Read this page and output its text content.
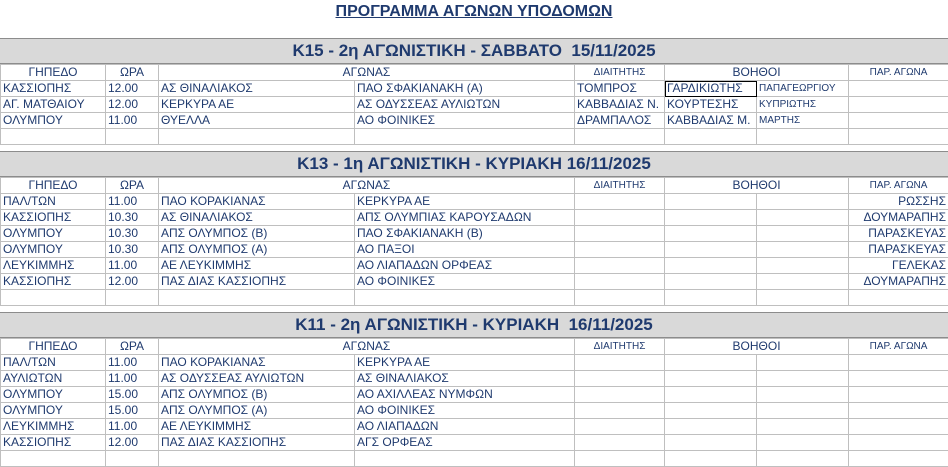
ΠΡΟΓΡΑΜΜΑ ΑΓΩΝΩΝ ΥΠΟΔΟΜΩΝ
K15 - 2η ΑΓΩΝΙΣΤΙΚΗ - ΣΑΒΒΑΤΟ  15/11/2025
ΓΗΠΕΔΟ	ΩΡΑ	ΑΓΩΝΑΣ		ΔΙΑΙΤΗΤΗΣ	ΒΟΗΘΟΙ		ΠΑΡ. ΑΓΩΝΑ
ΚΑΣΣΙΟΠΗΣ	12.00	ΑΣ ΘΙΝΑΛΙΑΚΟΣ	ΠΑΟ ΣΦΑΚΙΑΝΑΚΗ (Α)	ΤΟΜΠΡΟΣ	ΓΑΡΔΙΚΙΩΤΗΣ	ΠΑΠΑΓΕΩΡΓΙΟΥ	
ΑΓ. ΜΑΤΘΑΙΟΥ	12.00	ΚΕΡΚΥΡΑ ΑΕ	ΑΣ ΟΔΥΣΣΕΑΣ ΑΥΛΙΩΤΩΝ	ΚΑΒΒΑΔΙΑΣ Ν.	ΚΟΥΡΤΕΣΗΣ	ΚΥΠΡΙΩΤΗΣ	
ΟΛΥΜΠΟΥ	11.00	ΘΥΕΛΛΑ	ΑΟ ΦΟΙΝΙΚΕΣ	ΔΡΑΜΠΑΛΟΣ	ΚΑΒΒΑΔΙΑΣ Μ.	ΜΑΡΤΗΣ	

K13 - 1η ΑΓΩΝΙΣΤΙΚΗ - ΚΥΡΙΑΚΗ 16/11/2025
ΓΗΠΕΔΟ	ΩΡΑ	ΑΓΩΝΑΣ		ΔΙΑΙΤΗΤΗΣ	ΒΟΗΘΟΙ		ΠΑΡ. ΑΓΩΝΑ
ΠΑΛ/ΤΩΝ	11.00	ΠΑΟ ΚΟΡΑΚΙΑΝΑΣ	ΚΕΡΚΥΡΑ ΑΕ				ΡΩΣΣΗΣ
ΚΑΣΣΙΟΠΗΣ	10.30	ΑΣ ΘΙΝΑΛΙΑΚΟΣ	ΑΠΣ ΟΛΥΜΠΙΑΣ ΚΑΡΟΥΣΑΔΩΝ				ΔΟΥΜΑΡΑΠΗΣ
ΟΛΥΜΠΟΥ	10.30	ΑΠΣ ΟΛΥΜΠΟΣ (Β)	ΠΑΟ ΣΦΑΚΙΑΝΑΚΗ (Β)				ΠΑΡΑΣΚΕΥΑΣ
ΟΛΥΜΠΟΥ	10.30	ΑΠΣ ΟΛΥΜΠΟΣ (Α)	ΑΟ ΠΑΞΟΙ				ΠΑΡΑΣΚΕΥΑΣ
ΛΕΥΚΙΜΜΗΣ	11.00	ΑΕ ΛΕΥΚΙΜΜΗΣ	ΑΟ ΛΙΑΠΑΔΩΝ ΟΡΦΕΑΣ				ΓΕΛΕΚΑΣ
ΚΑΣΣΙΟΠΗΣ	12.00	ΠΑΣ ΔΙΑΣ ΚΑΣΣΙΟΠΗΣ	ΑΟ ΦΟΙΝΙΚΕΣ				ΔΟΥΜΑΡΑΠΗΣ

K11 - 2η ΑΓΩΝΙΣΤΙΚΗ - ΚΥΡΙΑΚΗ  16/11/2025
ΓΗΠΕΔΟ	ΩΡΑ	ΑΓΩΝΑΣ		ΔΙΑΙΤΗΤΗΣ	ΒΟΗΘΟΙ		ΠΑΡ. ΑΓΩΝΑ
ΠΑΛ/ΤΩΝ	11.00	ΠΑΟ ΚΟΡΑΚΙΑΝΑΣ	ΚΕΡΚΥΡΑ ΑΕ				
ΑΥΛΙΩΤΩΝ	11.00	ΑΣ ΟΔΥΣΣΕΑΣ ΑΥΛΙΩΤΩΝ	ΑΣ ΘΙΝΑΛΙΑΚΟΣ				
ΟΛΥΜΠΟΥ	15.00	ΑΠΣ ΟΛΥΜΠΟΣ (Β)	ΑΟ ΑΧΙΛΛΕΑΣ ΝΥΜΦΩΝ				
ΟΛΥΜΠΟΥ	15.00	ΑΠΣ ΟΛΥΜΠΟΣ (Α)	ΑΟ ΦΟΙΝΙΚΕΣ				
ΛΕΥΚΙΜΜΗΣ	11.00	ΑΕ ΛΕΥΚΙΜΜΗΣ	ΑΟ ΛΙΑΠΑΔΩΝ				
ΚΑΣΣΙΟΠΗΣ	12.00	ΠΑΣ ΔΙΑΣ ΚΑΣΣΙΟΠΗΣ	ΑΓΣ ΟΡΦΕΑΣ				
